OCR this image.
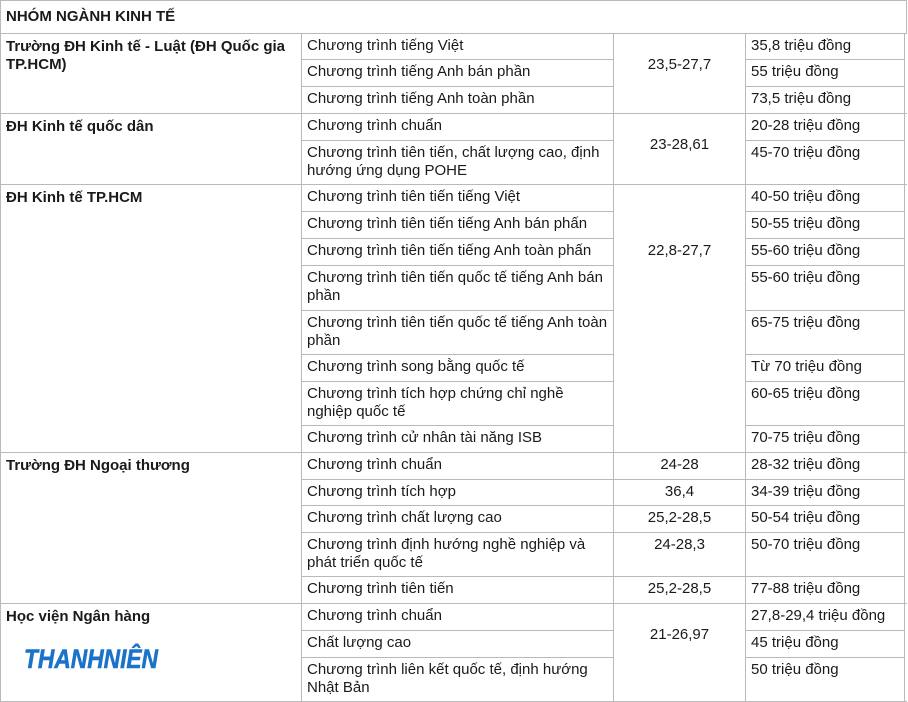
NHÓM NGÀNH KINH TẾ				
Trường ĐH Kinh tế - Luật (ĐH Quốc gia TP.HCM)	Chương trình tiếng Việt	23,5-27,7	35,8 triệu đồng	
	Chương trình tiếng Anh bán phần		55 triệu đồng	
	Chương trình tiếng Anh toàn phần		73,5 triệu đồng	
ĐH Kinh tế quốc dân	Chương trình chuẩn	23-28,61	20-28 triệu đồng	
	Chương trình tiên tiến, chất lượng cao, định hướng ứng dụng POHE		45-70 triệu đồng	
ĐH Kinh tế TP.HCM	Chương trình tiên tiến tiếng Việt	22,8-27,7	40-50 triệu đồng	
	Chương trình tiên tiến tiếng Anh bán phấn		50-55 triệu đồng	
	Chương trình tiên tiến tiếng Anh toàn phấn		55-60 triệu đồng	
	Chương trình tiên tiến quốc tế tiếng Anh bán phần		55-60 triệu đồng	
	Chương trình tiên tiến quốc tế tiếng Anh toàn phần		65-75 triệu đồng	
	Chương trình song bằng quốc tế		Từ 70 triệu đồng	
	Chương trình tích hợp chứng chỉ nghề nghiệp quốc tế		60-65 triệu đồng	
	Chương trình cử nhân tài năng ISB		70-75 triệu đồng	
Trường ĐH Ngoại thương	Chương trình chuẩn	24-28	28-32 triệu đồng	
	Chương trình tích hợp	36,4	34-39 triệu đồng	
	Chương trình chất lượng cao	25,2-28,5	50-54 triệu đồng	
	Chương trình định hướng nghề nghiệp và phát triển quốc tế	24-28,3	50-70 triệu đồng	
	Chương trình tiên tiến	25,2-28,5	77-88 triệu đồng	
Học viện Ngân hàng	Chương trình chuẩn	21-26,97	27,8-29,4 triệu đồng	
	Chất lượng cao		45 triệu đồng	
	Chương trình liên kết quốc tế, định hướng Nhật Bản		50 triệu đồng	
THANHNIÊN
